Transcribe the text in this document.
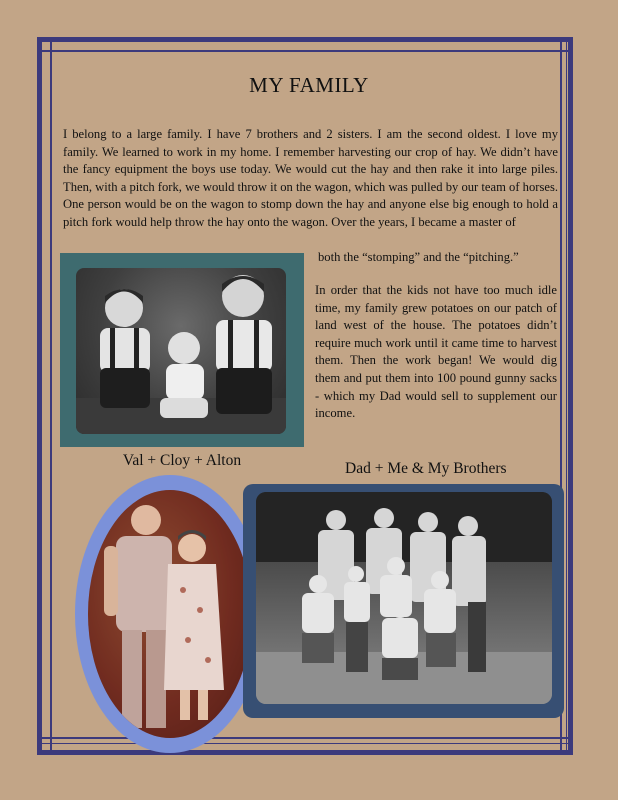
MY FAMILY

I belong to a large family. I have 7 brothers and 2 sisters. I am the second oldest. I love my family. We learned to work in my home. I remember harvesting our crop of hay. We didn’t have the fancy equipment the boys use today. We would cut the hay and then rake it into large piles. Then, with a pitch fork, we would throw it on the wagon, which was pulled by our team of horses. One person would be on the wagon to stomp down the hay and anyone else big enough to hold a pitch fork would help throw the hay onto the wagon. Over the years, I became a master of

both the “stomping” and the “pitching.”

In order that the kids not have too much idle time, my family grew potatoes on our patch of land west of the house. The potatoes didn’t require much work until it came time to harvest them. Then the work began! We would dig them and put them into 100 pound gunny sacks - which my Dad would sell to supplement our income.

Val + Cloy + Alton	Dad + Me & My Brothers
